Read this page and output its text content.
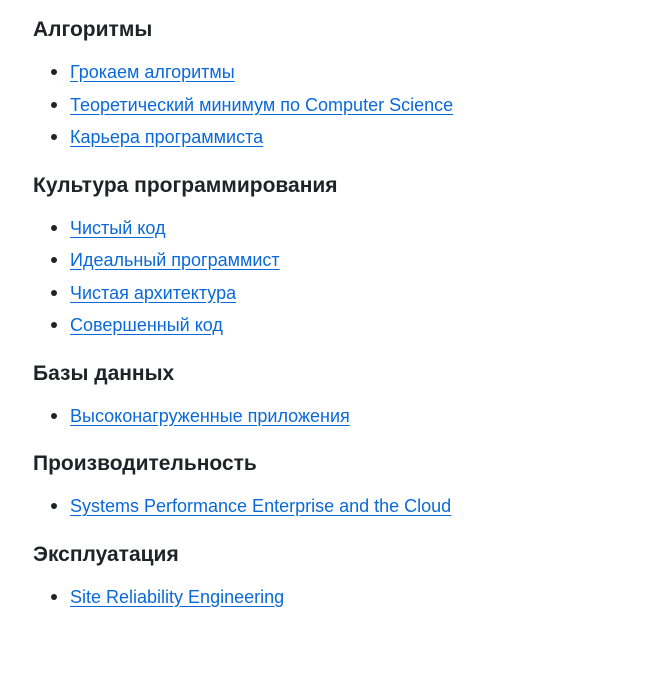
Алгоритмы
Грокаем алгоритмы
Теоретический минимум по Computer Science
Карьера программиста
Культура программирования
Чистый код
Идеальный программист
Чистая архитектура
Совершенный код
Базы данных
Высоконагруженные приложения
Производительность
Systems Performance Enterprise and the Cloud
Эксплуатация
Site Reliability Engineering
